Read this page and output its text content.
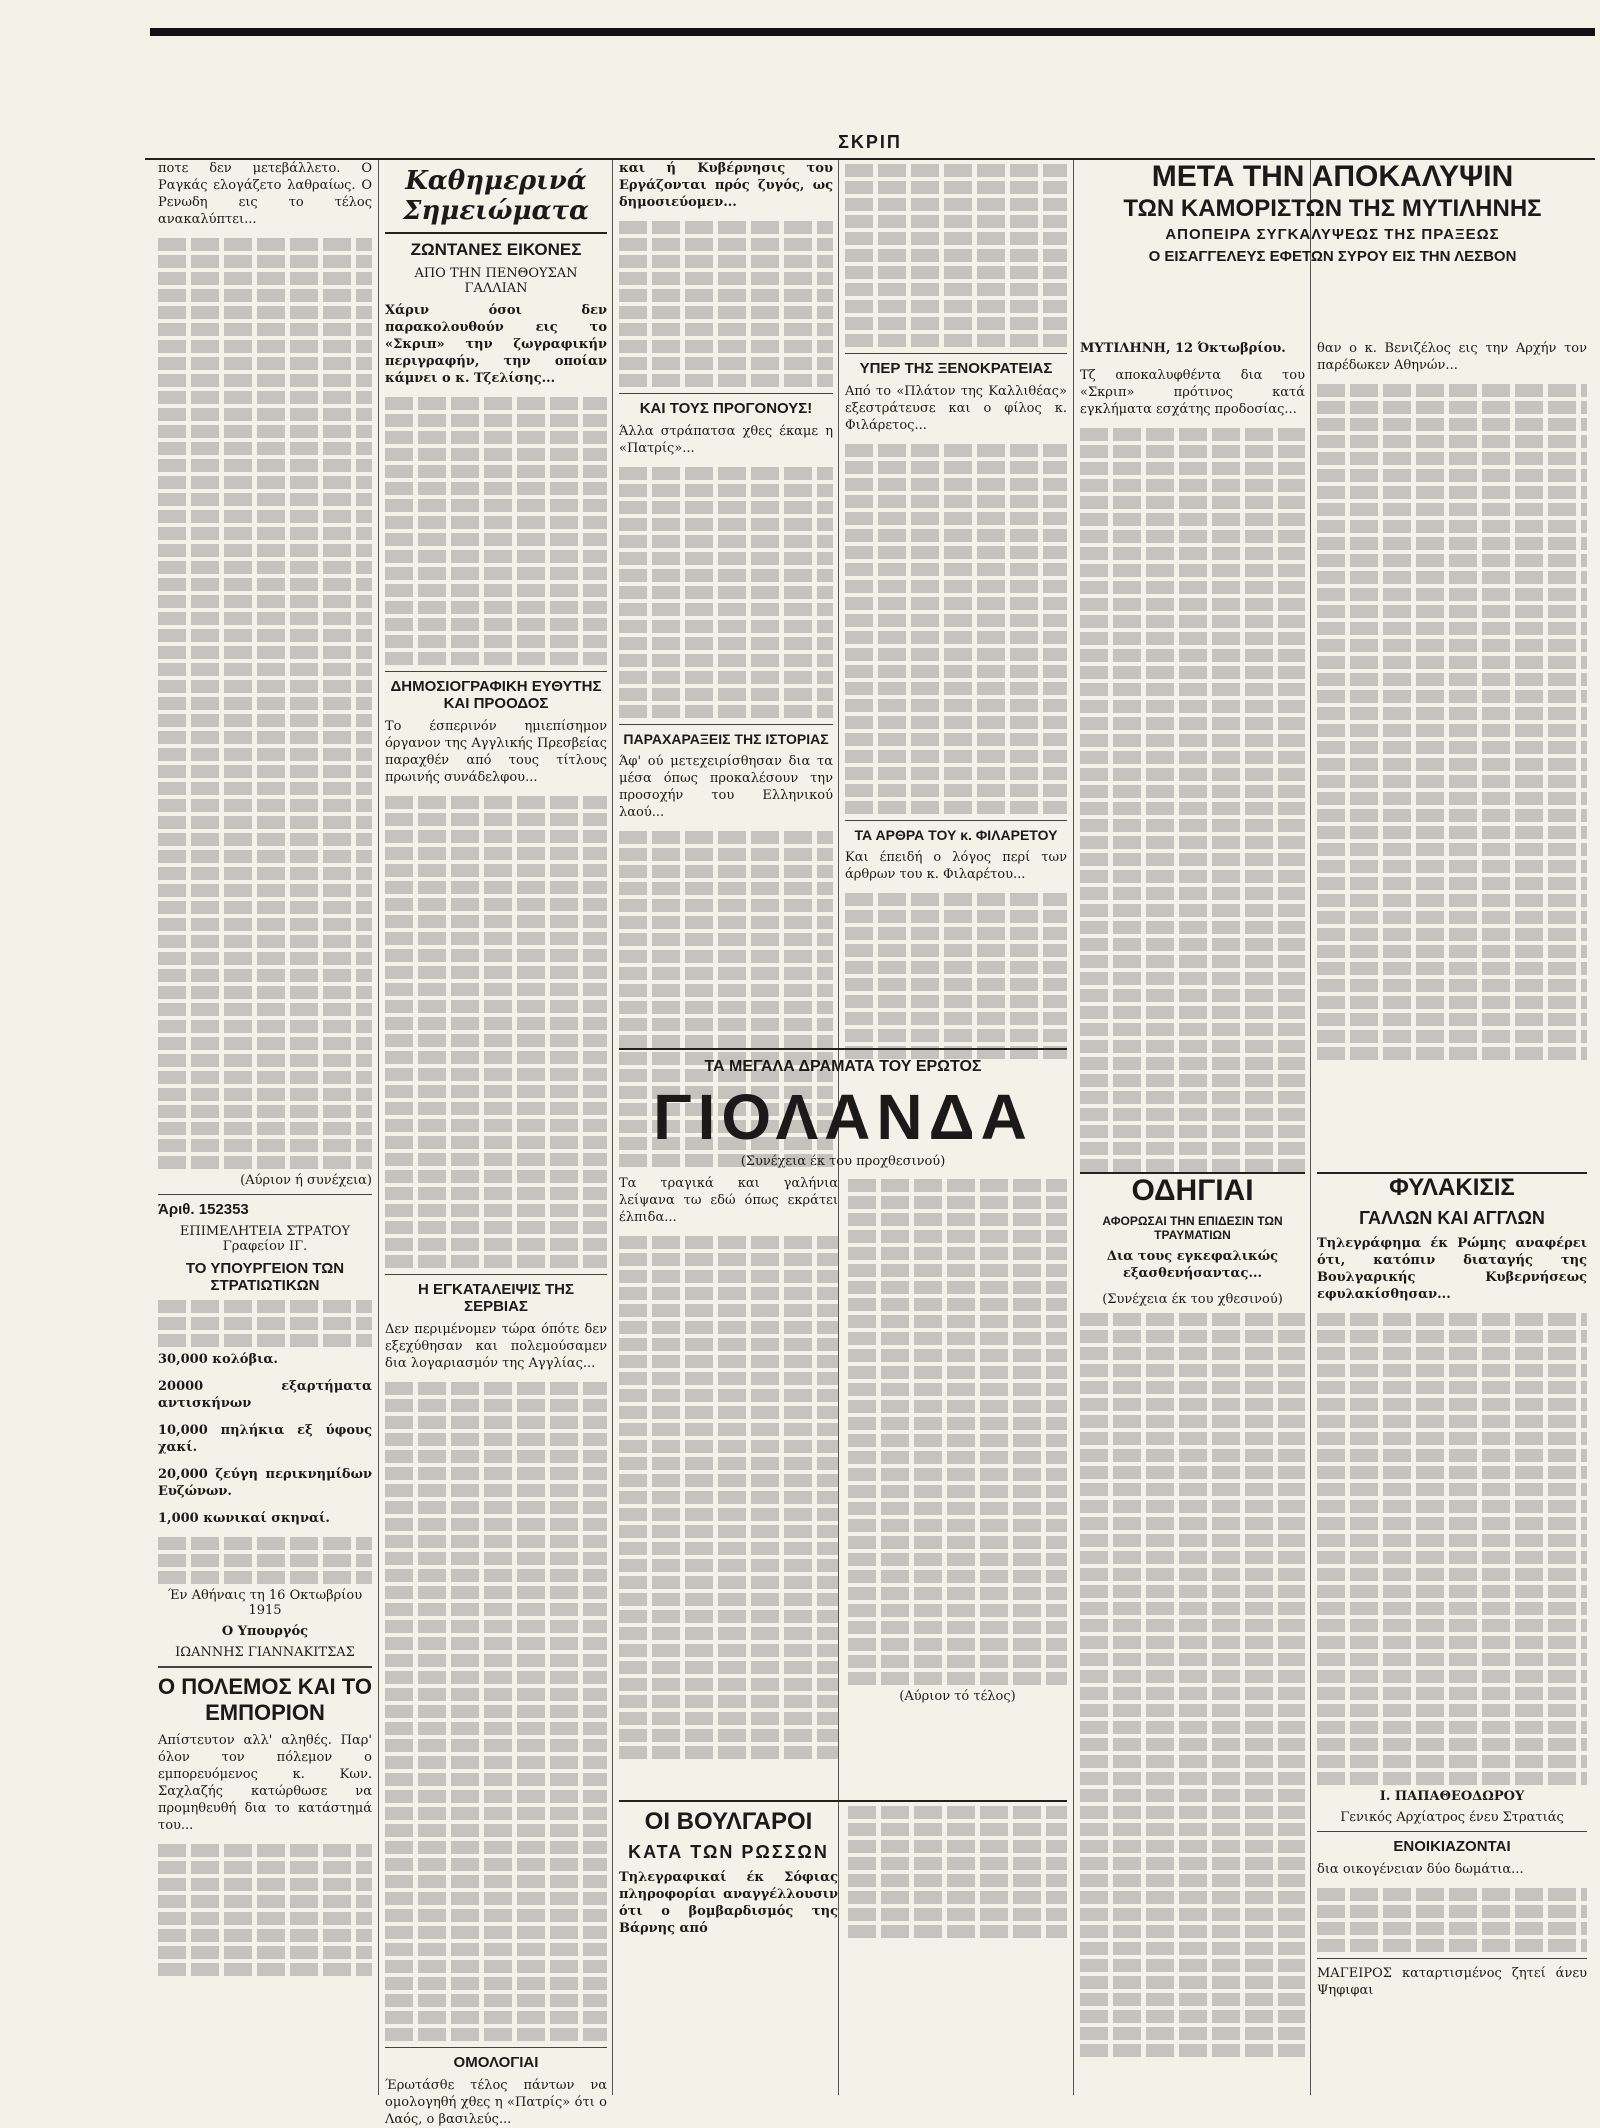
ΣΚΡΙΠ

ποτε δεν μετεβάλλετο. Ο Ραγκάς ελογάζετο λαθραίως. Ο Ρενωδη εις το τέλος ανακαλύπτει...

(Αύριον ή συνέχεια)
Άριθ. 152353
ΕΠΙΜΕΛΗΤΕΙΑ ΣΤΡΑΤΟΥ Γραφείον ΙΓ.
ΤΟ ΥΠΟΥΡΓΕΙΟΝ ΤΩΝ ΣΤΡΑΤΙΩΤΙΚΩΝ

30,000 κολόβια.

20000 εξαρτήματα αντισκήνων

10,000 πηλήκια εξ ύφους χακί.

20,000 ζεύγη περικνημίδων Ευζώνων.

1,000 κωνικαί σκηναί.

Έν Αθήναις τη 16 Οκτωβρίου 1915
Ο Υπουργός
ΙΩΑΝΝΗΣ ΓΙΑΝΝΑΚΙΤΣΑΣ
Ο ΠΟΛΕΜΟΣ ΚΑΙ ΤΟ ΕΜΠΟΡΙΟΝ

Απίστευτον αλλ' αληθές. Παρ' όλον τον πόλεμον ο εμπορευόμενος κ. Κων. Σαχλαζής κατώρθωσε να προμηθευθή δια το κατάστημά του...

Καθημερινά Σημειώματα
ΖΩΝΤΑΝΕΣ ΕΙΚΟΝΕΣ
ΑΠΟ ΤΗΝ ΠΕΝΘΟΥΣΑΝ ΓΑΛΛΙΑΝ

Χάριν όσοι δεν παρακολουθούν εις το «Σκριπ» την ζωγραφικήν περιγραφήν, την οποίαν κάμνει ο κ. Τζελίσης...

ΔΗΜΟΣΙΟΓΡΑΦΙΚΗ ΕΥΘΥΤΗΣ ΚΑΙ ΠΡΟΟΔΟΣ

Το έσπερινόν ημιεπίσημον όργανον της Αγγλικής Πρεσβείας παραχθέν από τους τίτλους πρωινής συνάδελφου...

Η ΕΓΚΑΤΑΛΕΙΨΙΣ ΤΗΣ ΣΕΡΒΙΑΣ

Δεν περιμένομεν τώρα όπότε δεν εξεχύθησαν και πολεμούσαμεν δια λογαριασμόν της Αγγλίας...

ΟΜΟΛΟΓΙΑΙ

Έρωτάσθε τέλος πάντων να ομολογηθή χθες η «Πατρίς» ότι ο Λαός, ο βασιλεύς...

και ή Κυβέρνησις του Εργάζονται πρός ζυγός, ως δημοσιεύομεν...

ΚΑΙ ΤΟΥΣ ΠΡΟΓΟΝΟΥΣ!

Άλλα στράπατσα χθες έκαμε η «Πατρίς»...

ΠΑΡΑΧΑΡΑΞΕΙΣ ΤΗΣ ΙΣΤΟΡΙΑΣ

Άφ' ού μετεχειρίσθησαν δια τα μέσα όπως προκαλέσουν την προσοχήν του Ελληνικού λαού...

ΥΠΕΡ ΤΗΣ ΞΕΝΟΚΡΑΤΕΙΑΣ

Από το «Πλάτον της Καλλιθέας» εξεστράτευσε και ο φίλος κ. Φιλάρετος...

ΤΑ ΑΡΘΡΑ ΤΟΥ κ. ΦΙΛΑΡΕΤΟΥ

Και έπειδή ο λόγος περί των άρθρων του κ. Φιλαρέτου...

ΤΑ ΜΕΓΑΛΑ ΔΡΑΜΑΤΑ ΤΟΥ ΕΡΩΤΟΣ
ΓΙΟΛΑΝΔΑ
(Συνέχεια έκ του προχθεσινού)

Τα τραγικά και γαλήνια λείψανα τω εδώ όπως εκράτει έλπιδα...

(Αύριον τό τέλος)
ΟΙ ΒΟΥΛΓΑΡΟΙ
ΚΑΤΑ ΤΩΝ ΡΩΣΣΩΝ

Τηλεγραφικαί έκ Σόφιας πληροφορίαι αναγγέλλουσιν ότι ο βομβαρδισμός της Βάρνης από

ΜΕΤΑ ΤΗΝ ΑΠΟΚΑΛΥΨΙΝ
ΤΩΝ ΚΑΜΟΡΙΣΤΩΝ ΤΗΣ ΜΥΤΙΛΗΝΗΣ
ΑΠΟΠΕΙΡΑ ΣΥΓΚΑΛΥΨΕΩΣ ΤΗΣ ΠΡΑΞΕΩΣ
Ο ΕΙΣΑΓΓΕΛΕΥΣ ΕΦΕΤΩΝ ΣΥΡΟΥ ΕΙΣ ΤΗΝ ΛΕΣΒΟΝ

ΜΥΤΙΛΗΝΗ, 12 Όκτωβρίου.

Τζ αποκαλυφθέντα δια του «Σκριπ» πρότινος κατά εγκλήματα εσχάτης προδοσίας...

θαν ο κ. Βενιζέλος εις την Αρχήν τον παρέδωκεν Αθηνών...

ΟΔΗΓΙΑΙ
ΑΦΟΡΩΣΑΙ ΤΗΝ ΕΠΙΔΕΣΙΝ ΤΩΝ ΤΡΑΥΜΑΤΙΩΝ

Δια τους εγκεφαλικώς εξασθενήσαντας...

(Συνέχεια έκ του χθεσινού)
ΦΥΛΑΚΙΣΙΣ
ΓΑΛΛΩΝ ΚΑΙ ΑΓΓΛΩΝ

Τηλεγράφημα έκ Ρώμης αναφέρει ότι, κατόπιν διαταγής της Βουλγαρικής Κυβερνήσεως εφυλακίσθησαν...

Ι. ΠΑΠΑΘΕΟΔΩΡΟΥ
Γενικός Αρχίατρος ένευ Στρατιάς
ΕΝΟΙΚΙΑΖΟΝΤΑΙ

δια οικογένειαν δύο δωμάτια...

ΜΑΓΕΙΡΟΣ καταρτισμένος ζητεί άνευ Ψηφιφαι
